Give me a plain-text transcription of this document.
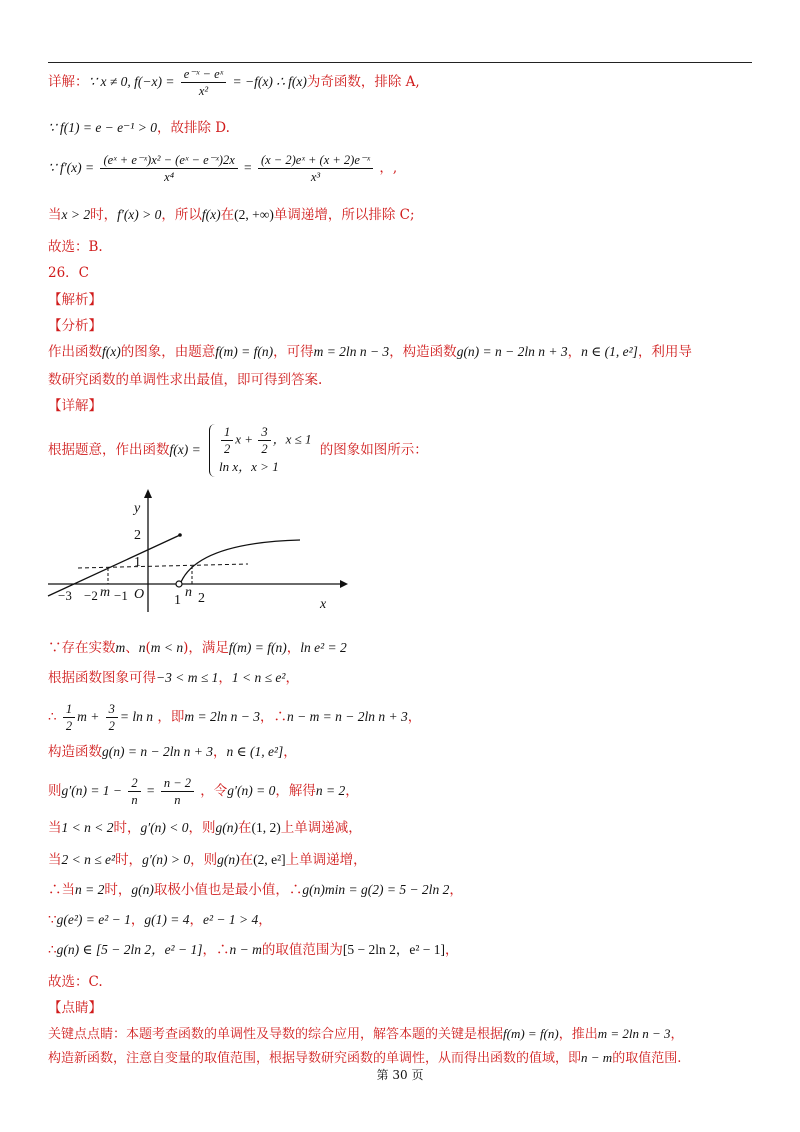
详解：∵ x ≠ 0, $f(-x) = \frac{\text{e⁻ˣ − eˣ}}{\text{x²}} = -f(x)$ ∴ f(x)为奇函数，排除 A,
∵ f(1) = e − e⁻¹ > 0，故排除 D.
∵ $f'(x) = \frac{\text{(eˣ + e⁻ˣ)x² − (eˣ − e⁻ˣ)2x}}{\text{x⁴}} = \frac{\text{(x − 2)eˣ + (x + 2)e⁻ˣ}}{\text{x³}}$ ，,
当x > 2时，f′(x) > 0，所以f(x)在(2, +∞)单调递增，所以排除 C;
故选：B.
26．C
【解析】
【分析】
作出函数f(x)的图象，由题意f(m) = f(n)，可得m = 2ln n − 3，构造函数g(n) = n − 2ln n + 3，n ∈ (1, e²]，利用导
数研究函数的单调性求出最值，即可得到答案.
【详解】
根据题意，作出函数$f(x) = \frac{1}{2}$ $x + \frac{3}{2}$ ，x ≤ 1
ln x，x > 1
的图象如图所示：
y
2
1
x
−3 −2 m −1 O 1
n 2
∵存在实数m、n(m < n)，满足f(m) = f(n)，ln e² = 2
根据函数图象可得−3 < m ≤ 1，1 < n ≤ e²，
∴ $\frac{1}{2}$ $m + \frac{3}{2} = \ln n$ ，即m = 2ln n − 3，∴n − m = n − 2ln n + 3，
构造函数g(n) = n − 2ln n + 3，n ∈ (1, e²]，
则$g'(n) = 1 - \frac{2}{n} = \frac{n - 2}{n}$ ，令g′(n) = 0，解得n = 2，
当1 < n < 2时，g′(n) < 0，则g(n)在(1, 2)上单调递减，
当2 < n ≤ e²时，g′(n) > 0，则g(n)在(2, e²]上单调递增，
∴当n = 2时，g(n)取极小值也是最小值，∴g(n)min = g(2) = 5 − 2ln 2，
∵g(e²) = e² − 1，g(1) = 4，e² − 1 > 4，
∴g(n) ∈ [5 − 2ln 2，e² − 1]，∴n − m的取值范围为[5 − 2ln 2，e² − 1]，
故选：C.
【点睛】
关键点点睛：本题考查函数的单调性及导数的综合应用，解答本题的关键是根据f(m) = f(n)，推出m = 2ln n − 3，
构造新函数，注意自变量的取值范围，根据导数研究函数的单调性，从而得出函数的值域，即n − m的取值范围.
第 30 页
